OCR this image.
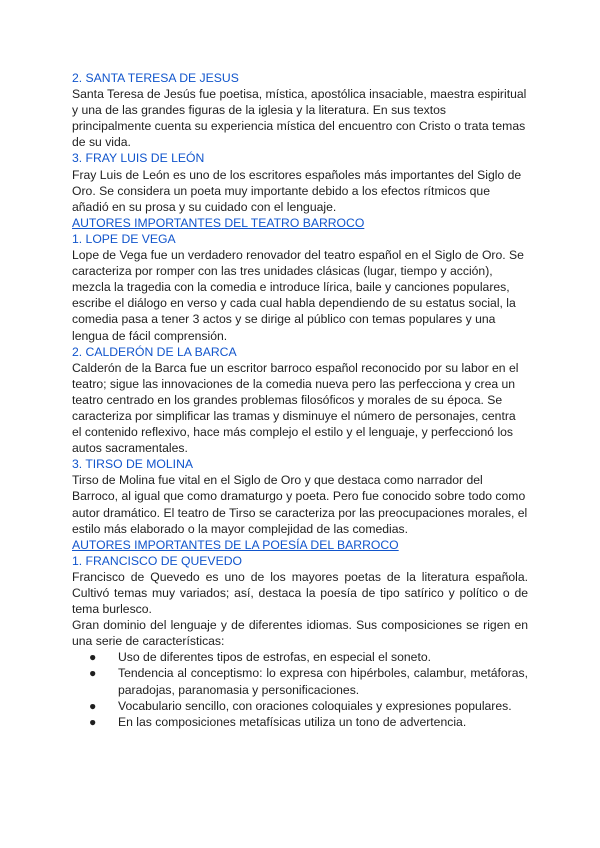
2. SANTA TERESA DE JESUS
Santa Teresa de Jesús fue poetisa, mística, apostólica insaciable, maestra espiritual y una de las grandes figuras de la iglesia y la literatura. En sus textos principalmente cuenta su experiencia mística del encuentro con Cristo o trata temas de su vida.
3. FRAY LUIS DE LEÓN
Fray Luis de León es uno de los escritores españoles más importantes del Siglo de Oro. Se considera un poeta muy importante debido a los efectos rítmicos que añadió en su prosa y su cuidado con el lenguaje.
AUTORES IMPORTANTES DEL TEATRO BARROCO
1. LOPE DE VEGA
Lope de Vega fue un verdadero renovador del teatro español en el Siglo de Oro. Se caracteriza por romper con las tres unidades clásicas (lugar, tiempo y acción), mezcla la tragedia con la comedia e introduce lírica, baile y canciones populares, escribe el diálogo en verso y cada cual habla dependiendo de su estatus social, la comedia pasa a tener 3 actos y se dirige al público con temas populares y una lengua de fácil comprensión.
2. CALDERÓN DE LA BARCA
Calderón de la Barca fue un escritor barroco español reconocido por su labor en el teatro; sigue las innovaciones de la comedia nueva pero las perfecciona y crea un teatro centrado en los grandes problemas filosóficos y morales de su época. Se caracteriza por simplificar las tramas y disminuye el número de personajes, centra el contenido reflexivo, hace más complejo el estilo y el lenguaje, y perfeccionó los autos sacramentales.
3. TIRSO DE MOLINA
Tirso de Molina fue vital en el Siglo de Oro y que destaca como narrador del Barroco, al igual que como dramaturgo y poeta. Pero fue conocido sobre todo como autor dramático. El teatro de Tirso se caracteriza por las preocupaciones morales, el estilo más elaborado o la mayor complejidad de las comedias.
AUTORES IMPORTANTES DE LA POESÍA DEL BARROCO
1. FRANCISCO DE QUEVEDO
Francisco de Quevedo es uno de los mayores poetas de la literatura española. Cultivó temas muy variados; así, destaca la poesía de tipo satírico y político o de tema burlesco.
Gran dominio del lenguaje y de diferentes idiomas. Sus composiciones se rigen en una serie de características:
● Uso de diferentes tipos de estrofas, en especial el soneto.
● Tendencia al conceptismo: lo expresa con hipérboles, calambur, metáforas, paradojas, paranomasia y personificaciones.
● Vocabulario sencillo, con oraciones coloquiales y expresiones populares.
● En las composiciones metafísicas utiliza un tono de advertencia.
